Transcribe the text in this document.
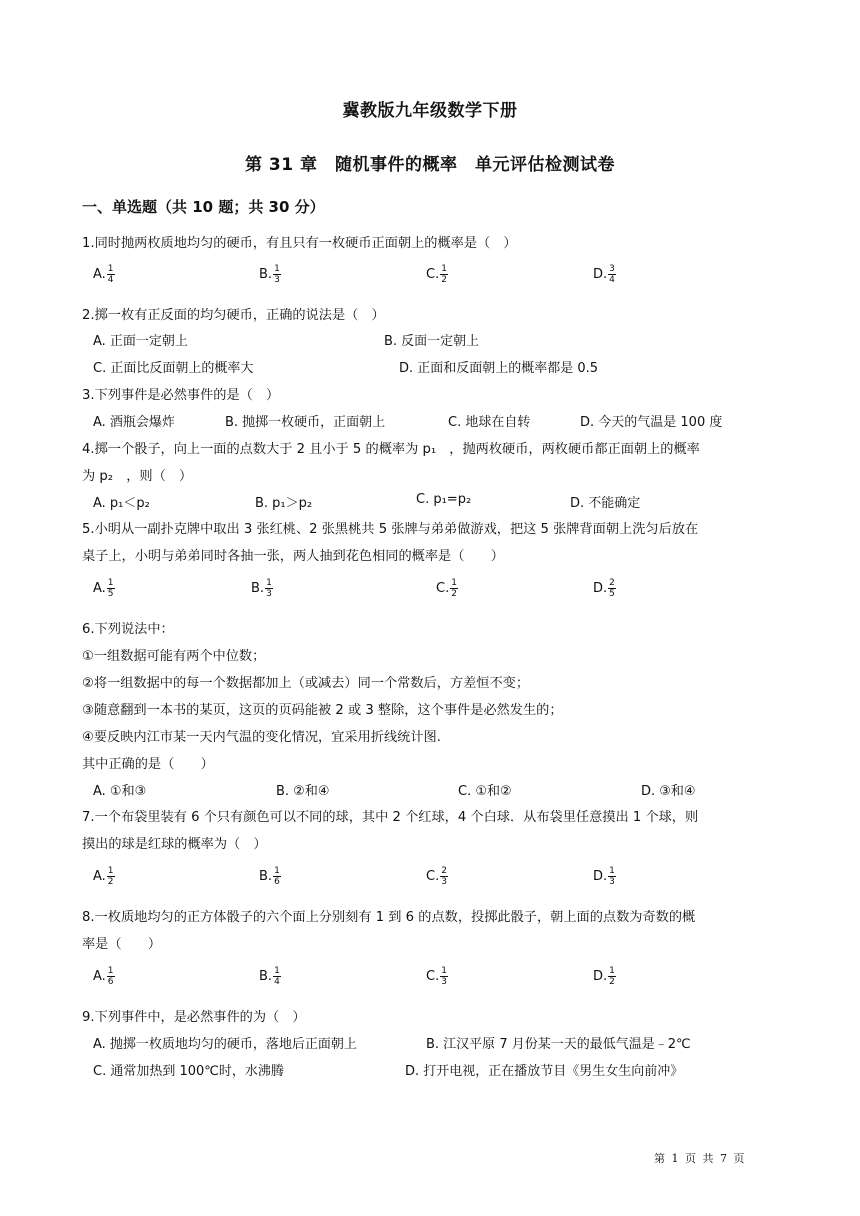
冀教版九年级数学下册
第 31 章　随机事件的概率　单元评估检测试卷
一、单选题（共 10 题；共 30 分）
1.同时抛两枚质地均匀的硬币，有且只有一枚硬币正面朝上的概率是（　）
A. $\frac{1}{4}$	B. $\frac{1}{3}$	C. $\frac{1}{2}$	D. $\frac{3}{4}$
2.掷一枚有正反面的均匀硬币，正确的说法是（　）
A. 正面一定朝上	B. 反面一定朝上
C. 正面比反面朝上的概率大	D. 正面和反面朝上的概率都是 0.5
3.下列事件是必然事件的是（　）
A. 酒瓶会爆炸	B. 抛掷一枚硬币，正面朝上	C. 地球在自转	D. 今天的气温是 100 度
4.掷一个骰子，向上一面的点数大于 2 且小于 5 的概率为 p₁　，抛两枚硬币，两枚硬币都正面朝上的概率
为 p₂　，则（　）
A. p₁＜p₂	B. p₁＞p₂	C. p₁=p₂	D. 不能确定
5.小明从一副扑克牌中取出 3 张红桃、2 张黑桃共 5 张牌与弟弟做游戏，把这 5 张牌背面朝上洗匀后放在
桌子上，小明与弟弟同时各抽一张，两人抽到花色相同的概率是（　　）
A. $\frac{1}{5}$	B. $\frac{1}{3}$	C. $\frac{1}{2}$	D. $\frac{2}{5}$
6.下列说法中：
①一组数据可能有两个中位数；
②将一组数据中的每一个数据都加上（或减去）同一个常数后，方差恒不变；
③随意翻到一本书的某页，这页的页码能被 2 或 3 整除，这个事件是必然发生的；
④要反映内江市某一天内气温的变化情况，宜采用折线统计图.
其中正确的是（　　）
A. ①和③	B. ②和④	C. ①和②	D. ③和④
7.一个布袋里装有 6 个只有颜色可以不同的球，其中 2 个红球，4 个白球．从布袋里任意摸出 1 个球，则
摸出的球是红球的概率为（　）
A. $\frac{1}{2}$	B. $\frac{1}{6}$	C. $\frac{2}{3}$	D. $\frac{1}{3}$
8.一枚质地均匀的正方体骰子的六个面上分别刻有 1 到 6 的点数，投掷此骰子，朝上面的点数为奇数的概
率是（　　）
A. $\frac{1}{6}$	B. $\frac{1}{4}$	C. $\frac{1}{3}$	D. $\frac{1}{2}$
9.下列事件中，是必然事件的为（　）
A. 抛掷一枚质地均匀的硬币，落地后正面朝上	B. 江汉平原 7 月份某一天的最低气温是﹣2℃
C. 通常加热到 100℃时，水沸腾	D. 打开电视，正在播放节目《男生女生向前冲》
第 1 页 共 7 页
